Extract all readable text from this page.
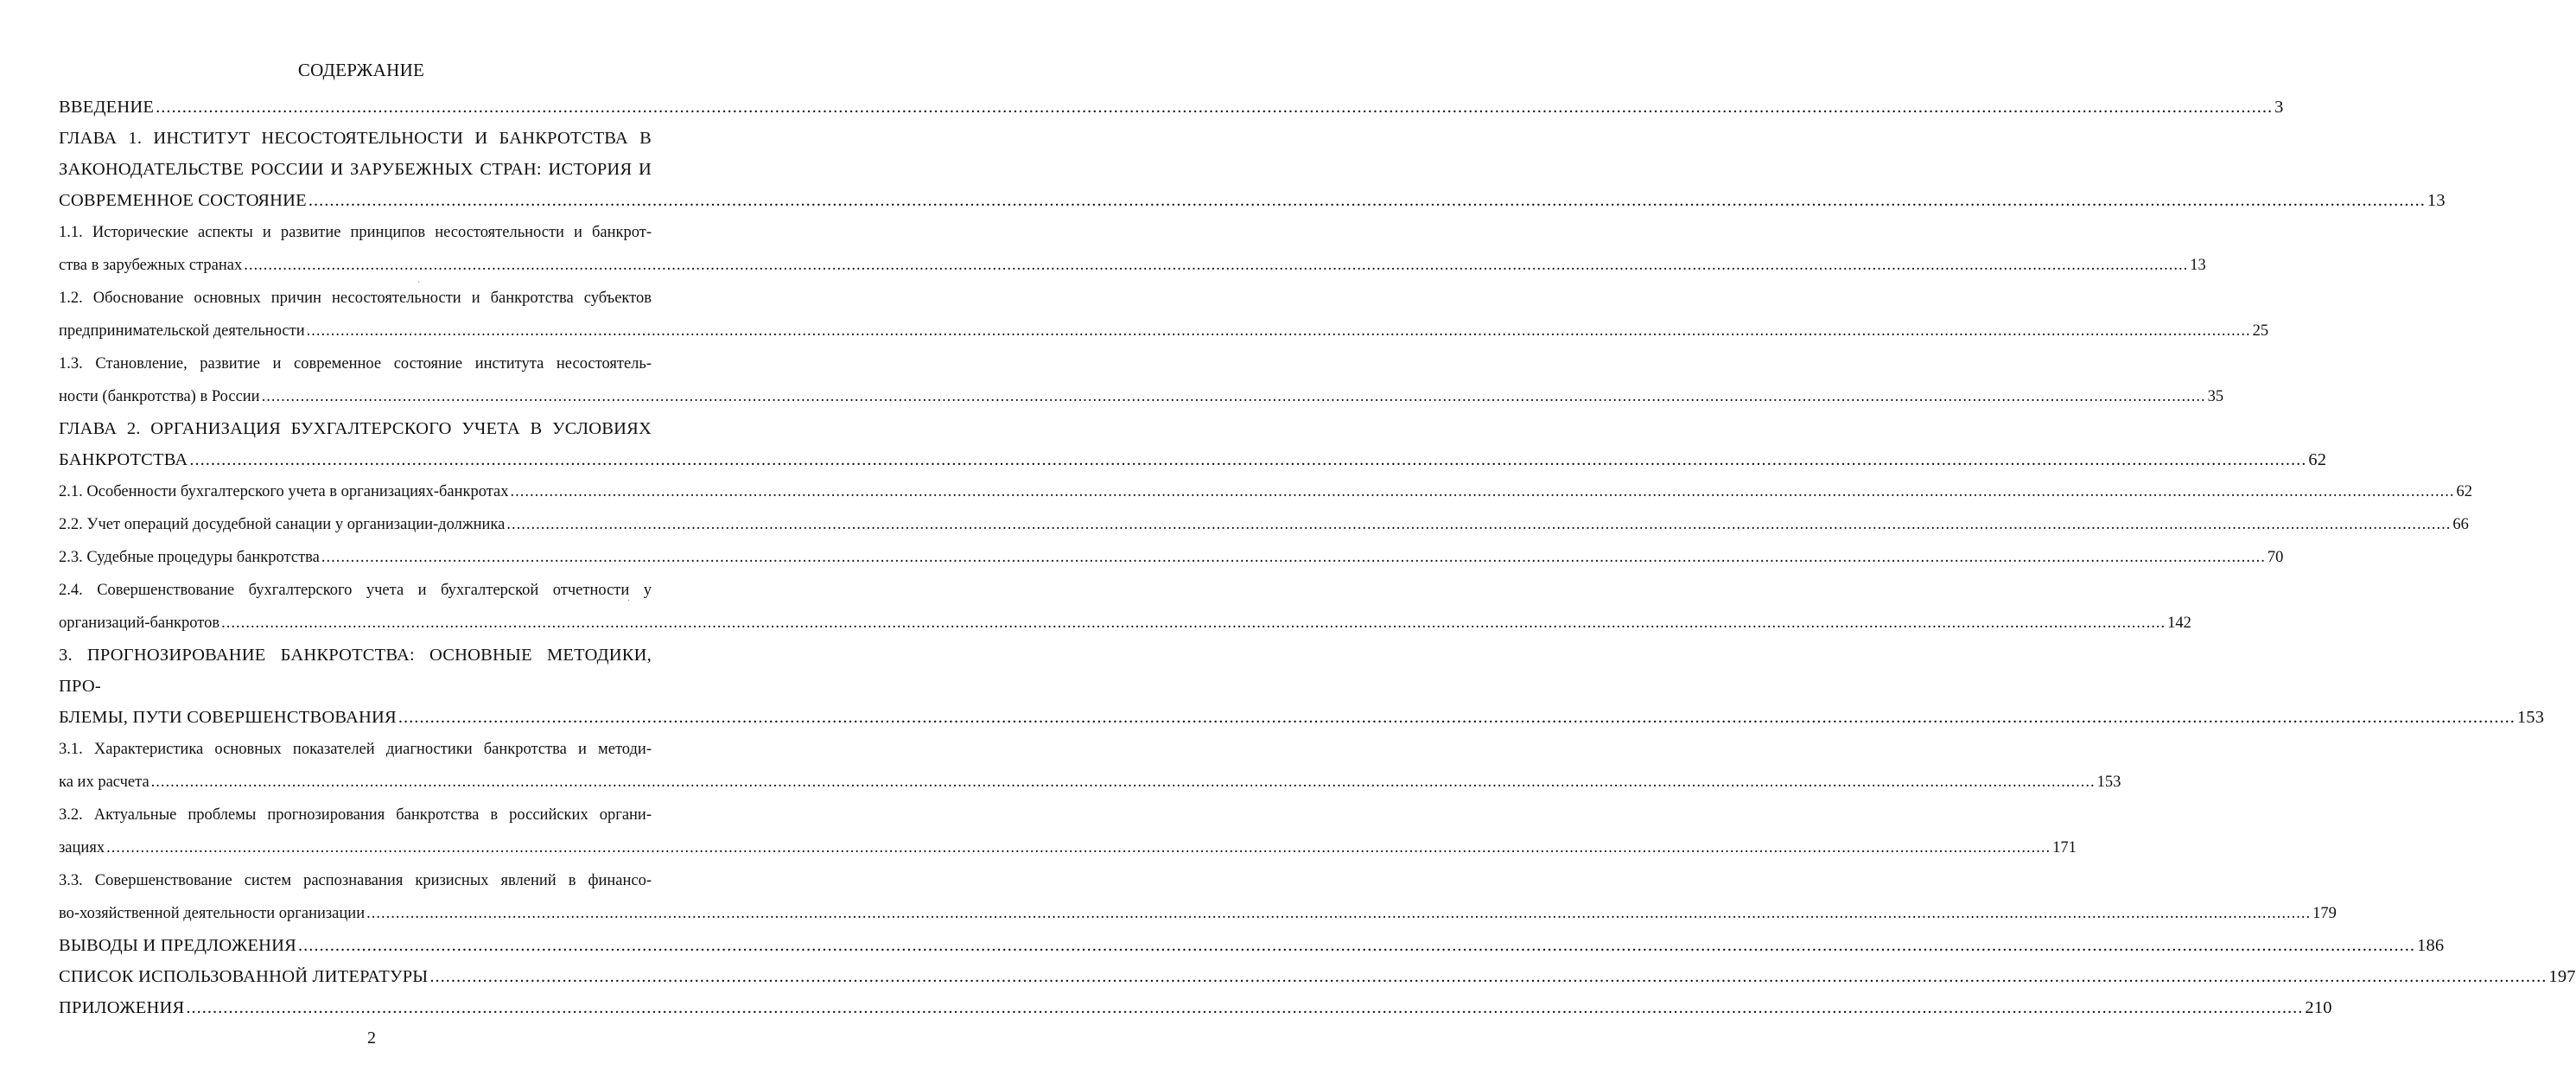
СОДЕРЖАНИЕ
ВВЕДЕНИЕ ................................................................................................................................................................................................................................................................................................................................................................................................................ 3
ГЛАВА 1. ИНСТИТУТ НЕСОСТОЯТЕЛЬНОСТИ И БАНКРОТСТВА В ЗАКОНОДАТЕЛЬСТВЕ РОССИИ И ЗАРУБЕЖНЫХ СТРАН: ИСТОРИЯ И
СОВРЕМЕННОЕ СОСТОЯНИЕ ................................................................................................................................................................................................................................................................................................................................................................................................................ 13
1.1. Исторические аспекты и развитие принципов несостоятельности и банкрот-
ства в зарубежных странах ................................................................................................................................................................................................................................................................................................................................................................................................................ 13
1.2. Обоснование основных причин несостоятельности и банкротства субъектов
предпринимательской деятельности ................................................................................................................................................................................................................................................................................................................................................................................................................ 25
1.3. Становление, развитие и современное состояние института несостоятель-
ности (банкротства) в России ................................................................................................................................................................................................................................................................................................................................................................................................................ 35
ГЛАВА 2. ОРГАНИЗАЦИЯ БУХГАЛТЕРСКОГО УЧЕТА В УСЛОВИЯХ
БАНКРОТСТВА ................................................................................................................................................................................................................................................................................................................................................................................................................ 62
2.1. Особенности бухгалтерского учета в организациях-банкротах ................................................................................................................................................................................................................................................................................................................................................................................................................ 62
2.2. Учет операций досудебной санации у организации-должника ................................................................................................................................................................................................................................................................................................................................................................................................................ 66
2.3. Судебные процедуры банкротства ................................................................................................................................................................................................................................................................................................................................................................................................................ 70
2.4. Совершенствование бухгалтерского учета и бухгалтерской отчетности у
организаций-банкротов ................................................................................................................................................................................................................................................................................................................................................................................................................ 142
3. ПРОГНОЗИРОВАНИЕ БАНКРОТСТВА: ОСНОВНЫЕ МЕТОДИКИ, ПРО-
БЛЕМЫ, ПУТИ СОВЕРШЕНСТВОВАНИЯ ................................................................................................................................................................................................................................................................................................................................................................................................................ 153
3.1. Характеристика основных показателей диагностики банкротства и методи-
ка их расчета ................................................................................................................................................................................................................................................................................................................................................................................................................ 153
3.2. Актуальные проблемы прогнозирования банкротства в российских органи-
зациях ................................................................................................................................................................................................................................................................................................................................................................................................................ 171
3.3. Совершенствование систем распознавания кризисных явлений в финансо-
во-хозяйственной деятельности организации ................................................................................................................................................................................................................................................................................................................................................................................................................ 179
ВЫВОДЫ И ПРЕДЛОЖЕНИЯ ................................................................................................................................................................................................................................................................................................................................................................................................................ 186
СПИСОК ИСПОЛЬЗОВАННОЙ ЛИТЕРАТУРЫ ................................................................................................................................................................................................................................................................................................................................................................................................................ 197
ПРИЛОЖЕНИЯ ................................................................................................................................................................................................................................................................................................................................................................................................................ 210
2
·
·
